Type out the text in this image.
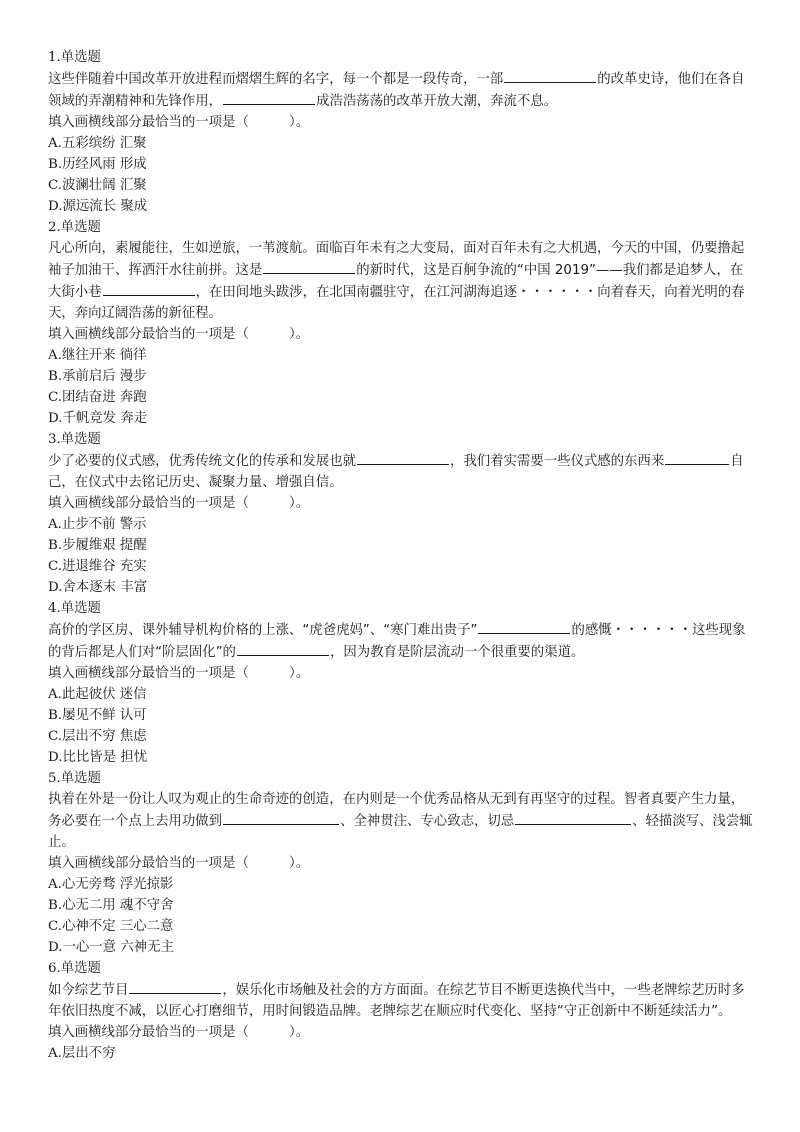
1.单选题

这些伴随着中国改革开放进程而熠熠生辉的名字，每一个都是一段传奇，一部	的改革史诗，他们在各自领域的弄潮精神和先锋作用，	成浩浩荡荡的改革开放大潮，奔流不息。

填入画横线部分最恰当的一项是（　　　）。

A.五彩缤纷 汇聚

B.历经风雨 形成

C.波澜壮阔 汇聚

D.源远流长 聚成

2.单选题

凡心所向，素履能往，生如逆旅，一苇渡航。面临百年未有之大变局，面对百年未有之大机遇，今天的中国，仍要撸起袖子加油干、挥洒汗水往前拼。这是	的新时代，这是百舸争流的“中国 2019”——我们都是追梦人，在大街小巷	，在田间地头跋涉，在北国南疆驻守，在江河湖海追逐・・・・・・向着春天，向着光明的春天，奔向辽阔浩荡的新征程。

填入画横线部分最恰当的一项是（　　　）。

A.继往开来 徜徉

B.承前启后 漫步

C.团结奋进 奔跑

D.千帆竞发 奔走

3.单选题

少了必要的仪式感，优秀传统文化的传承和发展也就	，我们着实需要一些仪式感的东西来	自己，在仪式中去铭记历史、凝聚力量、增强自信。

填入画横线部分最恰当的一项是（　　　）。

A.止步不前 警示

B.步履维艰 提醒

C.进退维谷 充实

D.舍本逐末 丰富

4.单选题

高价的学区房、课外辅导机构价格的上涨、“虎爸虎妈”、“寒门难出贵子”	的感慨・・・・・・这些现象的背后都是人们对“阶层固化”的	，因为教育是阶层流动一个很重要的渠道。

填入画横线部分最恰当的一项是（　　　）。

A.此起彼伏 迷信

B.屡见不鲜 认可

C.层出不穷 焦虑

D.比比皆是 担忧

5.单选题

执着在外是一份让人叹为观止的生命奇迹的创造，在内则是一个优秀品格从无到有再坚守的过程。智者真要产生力量，务必要在一个点上去用功做到	、全神贯注、专心致志，切忌	、轻描淡写、浅尝辄止。

填入画横线部分最恰当的一项是（　　　）。

A.心无旁骛 浮光掠影

B.心无二用 魂不守舍

C.心神不定 三心二意

D.一心一意 六神无主

6.单选题

如今综艺节目	，娱乐化市场触及社会的方方面面。在综艺节目不断更迭换代当中，一些老牌综艺历时多年依旧热度不减，以匠心打磨细节，用时间锻造品牌。老牌综艺在顺应时代变化、坚持“守正创新中不断延续活力”。

填入画横线部分最恰当的一项是（　　　）。

A.层出不穷
